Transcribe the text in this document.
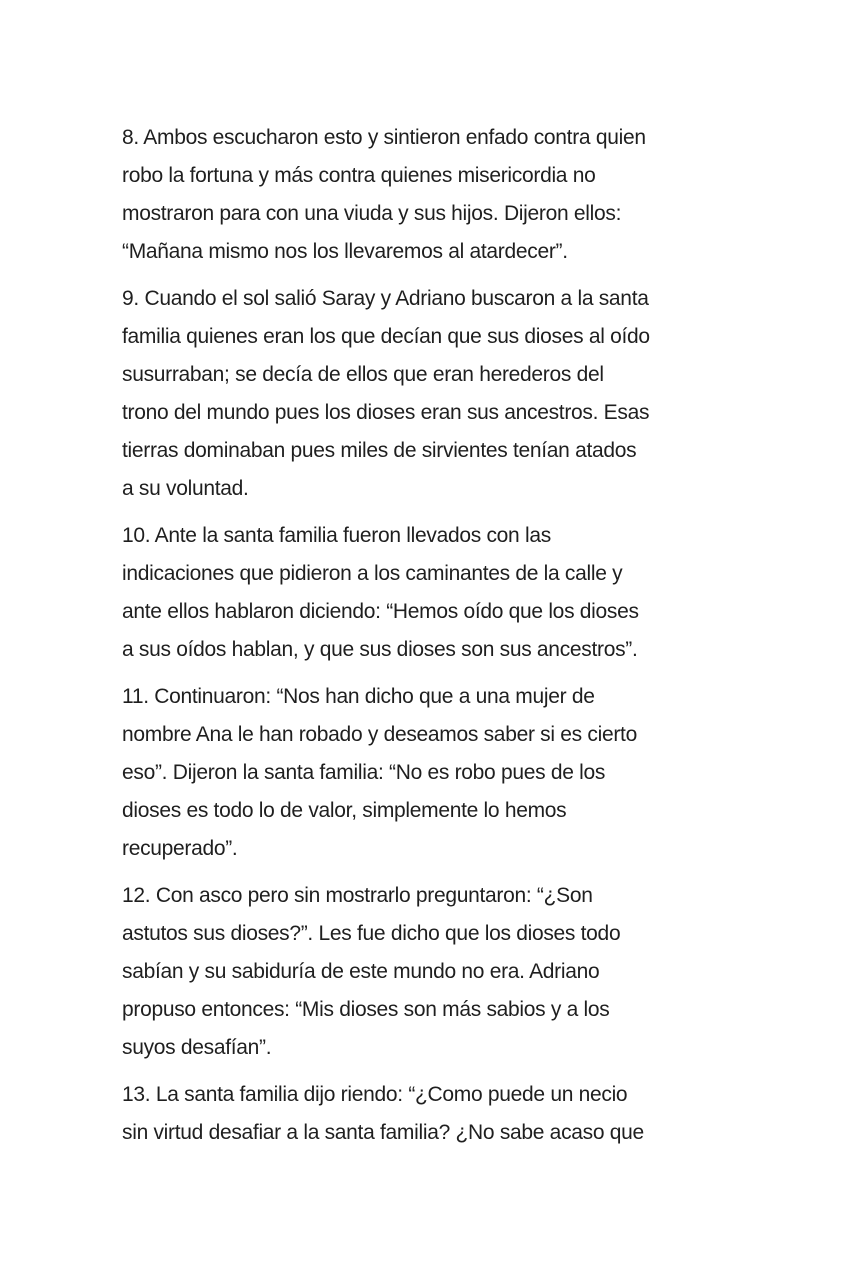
8. Ambos escucharon esto y sintieron enfado contra quien
robo la fortuna y más contra quienes misericordia no
mostraron para con una viuda y sus hijos. Dijeron ellos:
“Mañana mismo nos los llevaremos al atardecer”.

9. Cuando el sol salió Saray y Adriano buscaron a la santa
familia quienes eran los que decían que sus dioses al oído
susurraban; se decía de ellos que eran herederos del
trono del mundo pues los dioses eran sus ancestros. Esas
tierras dominaban pues miles de sirvientes tenían atados
a su voluntad.

10. Ante la santa familia fueron llevados con las
indicaciones que pidieron a los caminantes de la calle y
ante ellos hablaron diciendo: “Hemos oído que los dioses
a sus oídos hablan, y que sus dioses son sus ancestros”.

11. Continuaron: “Nos han dicho que a una mujer de
nombre Ana le han robado y deseamos saber si es cierto
eso”. Dijeron la santa familia: “No es robo pues de los
dioses es todo lo de valor, simplemente lo hemos
recuperado”.

12. Con asco pero sin mostrarlo preguntaron: “¿Son
astutos sus dioses?”. Les fue dicho que los dioses todo
sabían y su sabiduría de este mundo no era. Adriano
propuso entonces: “Mis dioses son más sabios y a los
suyos desafían”.

13. La santa familia dijo riendo: “¿Como puede un necio
sin virtud desafiar a la santa familia? ¿No sabe acaso que
